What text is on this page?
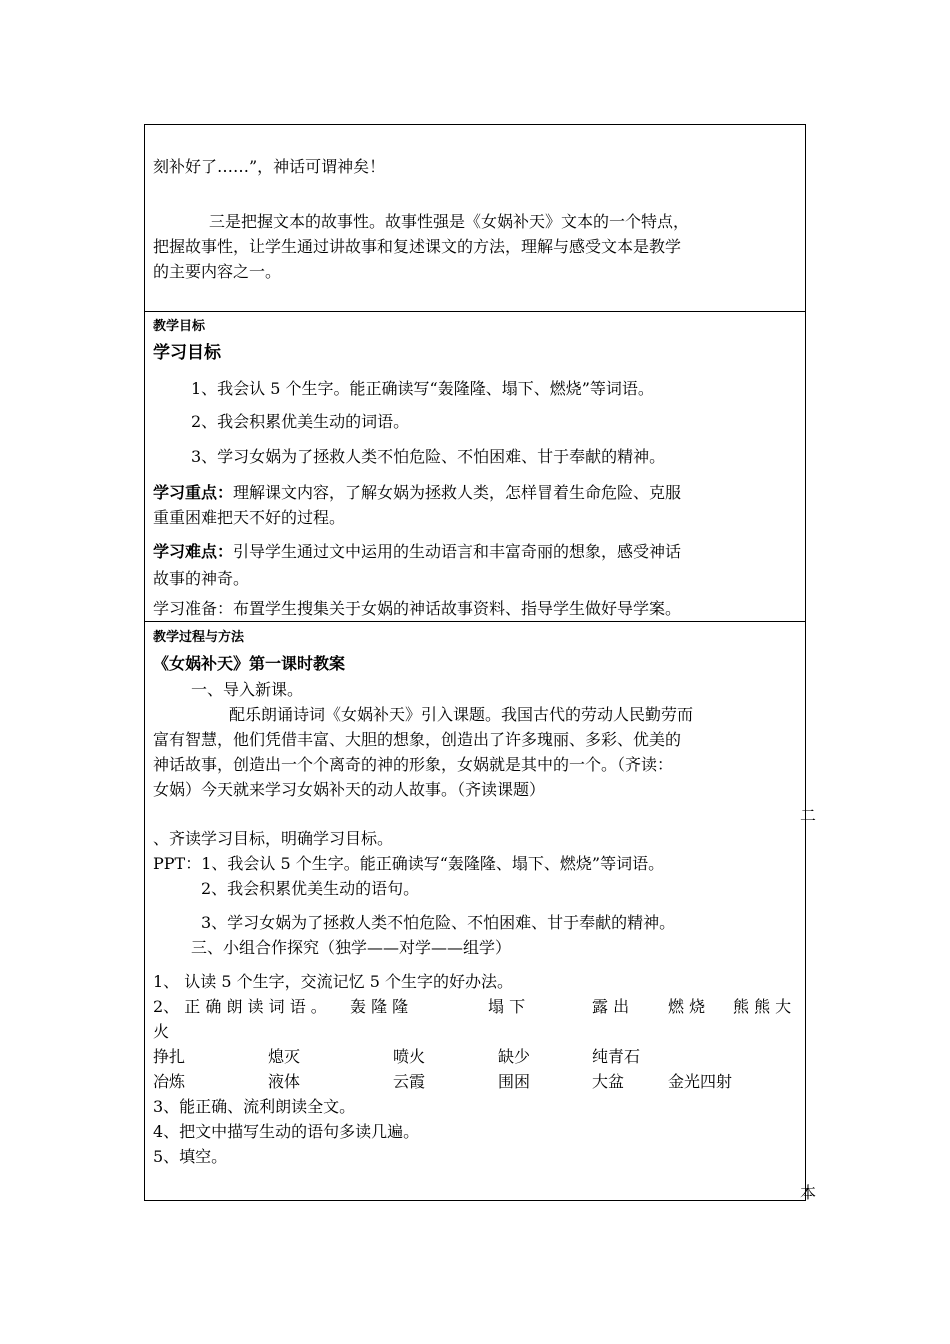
刻补好了……”，神话可谓神矣！
三是把握文本的故事性。故事性强是《女娲补天》文本的一个特点，
把握故事性，让学生通过讲故事和复述课文的方法，理解与感受文本是教学
的主要内容之一。
教学目标
学习目标
1、我会认 5 个生字。能正确读写“轰隆隆、塌下、燃烧”等词语。
2、我会积累优美生动的词语。
3、学习女娲为了拯救人类不怕危险、不怕困难、甘于奉献的精神。
学习重点：理解课文内容，了解女娲为拯救人类，怎样冒着生命危险、克服
重重困难把天不好的过程。
学习难点：引导学生通过文中运用的生动语言和丰富奇丽的想象，感受神话
故事的神奇。
学习准备：布置学生搜集关于女娲的神话故事资料、指导学生做好导学案。
教学过程与方法
《女娲补天》第一课时教案
一、导入新课。
配乐朗诵诗词《女娲补天》引入课题。我国古代的劳动人民勤劳而
富有智慧，他们凭借丰富、大胆的想象，创造出了许多瑰丽、多彩、优美的
神话故事，创造出一个个离奇的神的形象，女娲就是其中的一个。（齐读：
女娲）今天就来学习女娲补天的动人故事。（齐读课题）
、齐读学习目标，明确学习目标。
PPT：1、我会认 5 个生字。能正确读写“轰隆隆、塌下、燃烧”等词语。
2、我会积累优美生动的语句。
3、学习女娲为了拯救人类不怕危险、不怕困难、甘于奉献的精神。
三、小组合作探究（独学——对学——组学）
1、 认读 5 个生字，交流记忆 5 个生字的好办法。
2、 正 确 朗 读 词 语 。 轰 隆 隆	塌 下	露 出 燃 烧 熊 熊 大
火
挣扎	熄灭	喷火	缺少	纯青石
冶炼	液体	云霞	围困	大盆	金光四射
3、能正确、流利朗读全文。
4、把文中描写生动的语句多读几遍。
5、填空。
二
本
